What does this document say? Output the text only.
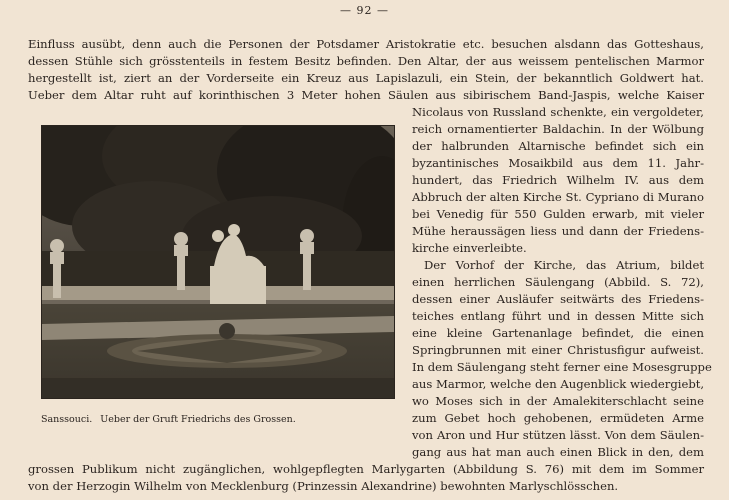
— 92 —
Einfluss ausübt, denn auch die Personen der Potsdamer Aristokratie etc. besuchen alsdann das Gotteshaus,
dessen Stühle sich grösstenteils in festem Besitz befinden. Den Altar, der aus weissem pentelischen Marmor
hergestellt ist, ziert an der Vorderseite ein Kreuz aus Lapislazuli, ein Stein, der bekanntlich Goldwert hat.
Ueber dem Altar ruht auf korinthischen 3 Meter hohen Säulen aus sibirischem Band-Jaspis, welche Kaiser
Sanssouci. Ueber der Gruft Friedrichs des Grossen.
Nicolaus von Russland schenkte, ein vergoldeter,
reich ornamentierter Baldachin. In der Wölbung
der halbrunden Altarnische befindet sich ein
byzantinisches Mosaikbild aus dem 11. Jahr-
hundert, das Friedrich Wilhelm IV. aus dem
Abbruch der alten Kirche St. Cypriano di Murano
bei Venedig für 550 Gulden erwarb, mit vieler
Mühe heraussägen liess und dann der Friedens-
kirche einverleibte.
Der Vorhof der Kirche, das Atrium, bildet
einen herrlichen Säulengang (Abbild. S. 72),
dessen einer Ausläufer seitwärts des Friedens-
teiches entlang führt und in dessen Mitte sich
eine kleine Gartenanlage befindet, die einen
Springbrunnen mit einer Christusfigur aufweist.
In dem Säulengang steht ferner eine Mosesgruppe
aus Marmor, welche den Augenblick wiedergiebt,
wo Moses sich in der Amalekiterschlacht seine
zum Gebet hoch gehobenen, ermüdeten Arme
von Aron und Hur stützen lässt. Von dem Säulen-
gang aus hat man auch einen Blick in den, dem
grossen Publikum nicht zugänglichen, wohlgepflegten Marlygarten (Abbildung S. 76) mit dem im Sommer
von der Herzogin Wilhelm von Mecklenburg (Prinzessin Alexandrine) bewohnten Marlyschlösschen.
